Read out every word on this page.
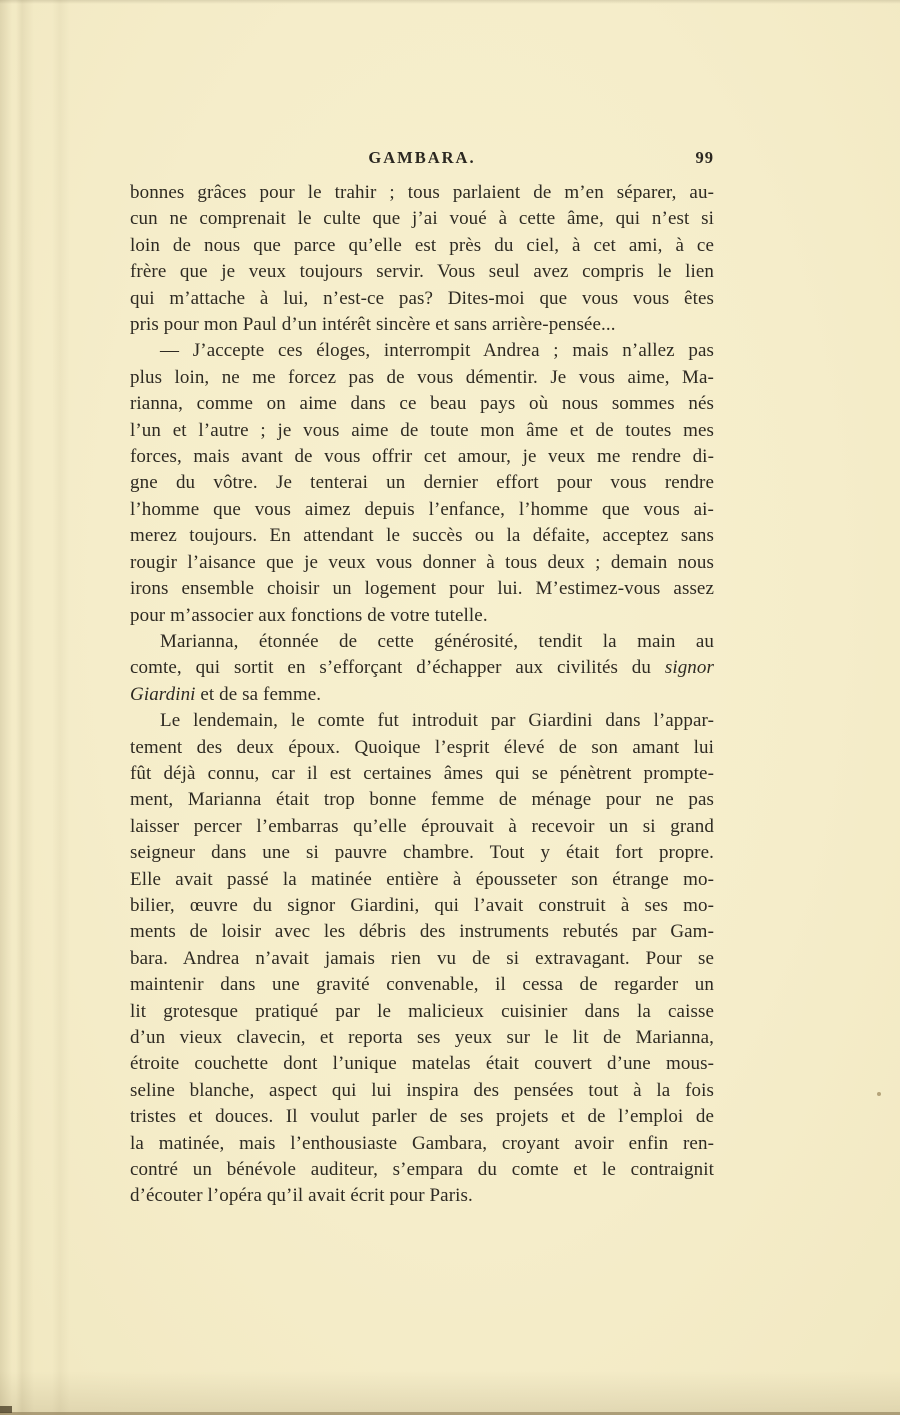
GAMBARA.	99
bonnes grâces pour le trahir ; tous parlaient de m’en séparer, au-
cun ne comprenait le culte que j’ai voué à cette âme, qui n’est si
loin de nous que parce qu’elle est près du ciel, à cet ami, à ce
frère que je veux toujours servir. Vous seul avez compris le lien
qui m’attache à lui, n’est-ce pas? Dites-moi que vous vous êtes
pris pour mon Paul d’un intérêt sincère et sans arrière-pensée...
— J’accepte ces éloges, interrompit Andrea ; mais n’allez pas
plus loin, ne me forcez pas de vous démentir. Je vous aime, Ma-
rianna, comme on aime dans ce beau pays où nous sommes nés
l’un et l’autre ; je vous aime de toute mon âme et de toutes mes
forces, mais avant de vous offrir cet amour, je veux me rendre di-
gne du vôtre. Je tenterai un dernier effort pour vous rendre
l’homme que vous aimez depuis l’enfance, l’homme que vous ai-
merez toujours. En attendant le succès ou la défaite, acceptez sans
rougir l’aisance que je veux vous donner à tous deux ; demain nous
irons ensemble choisir un logement pour lui. M’estimez-vous assez
pour m’associer aux fonctions de votre tutelle.
Marianna, étonnée de cette générosité, tendit la main au
comte, qui sortit en s’efforçant d’échapper aux civilités du signor
Giardini et de sa femme.
Le lendemain, le comte fut introduit par Giardini dans l’appar-
tement des deux époux. Quoique l’esprit élevé de son amant lui
fût déjà connu, car il est certaines âmes qui se pénètrent prompte-
ment, Marianna était trop bonne femme de ménage pour ne pas
laisser percer l’embarras qu’elle éprouvait à recevoir un si grand
seigneur dans une si pauvre chambre. Tout y était fort propre.
Elle avait passé la matinée entière à épousseter son étrange mo-
bilier, œuvre du signor Giardini, qui l’avait construit à ses mo-
ments de loisir avec les débris des instruments rebutés par Gam-
bara. Andrea n’avait jamais rien vu de si extravagant. Pour se
maintenir dans une gravité convenable, il cessa de regarder un
lit grotesque pratiqué par le malicieux cuisinier dans la caisse
d’un vieux clavecin, et reporta ses yeux sur le lit de Marianna,
étroite couchette dont l’unique matelas était couvert d’une mous-
seline blanche, aspect qui lui inspira des pensées tout à la fois
tristes et douces. Il voulut parler de ses projets et de l’emploi de
la matinée, mais l’enthousiaste Gambara, croyant avoir enfin ren-
contré un bénévole auditeur, s’empara du comte et le contraignit
d’écouter l’opéra qu’il avait écrit pour Paris.
